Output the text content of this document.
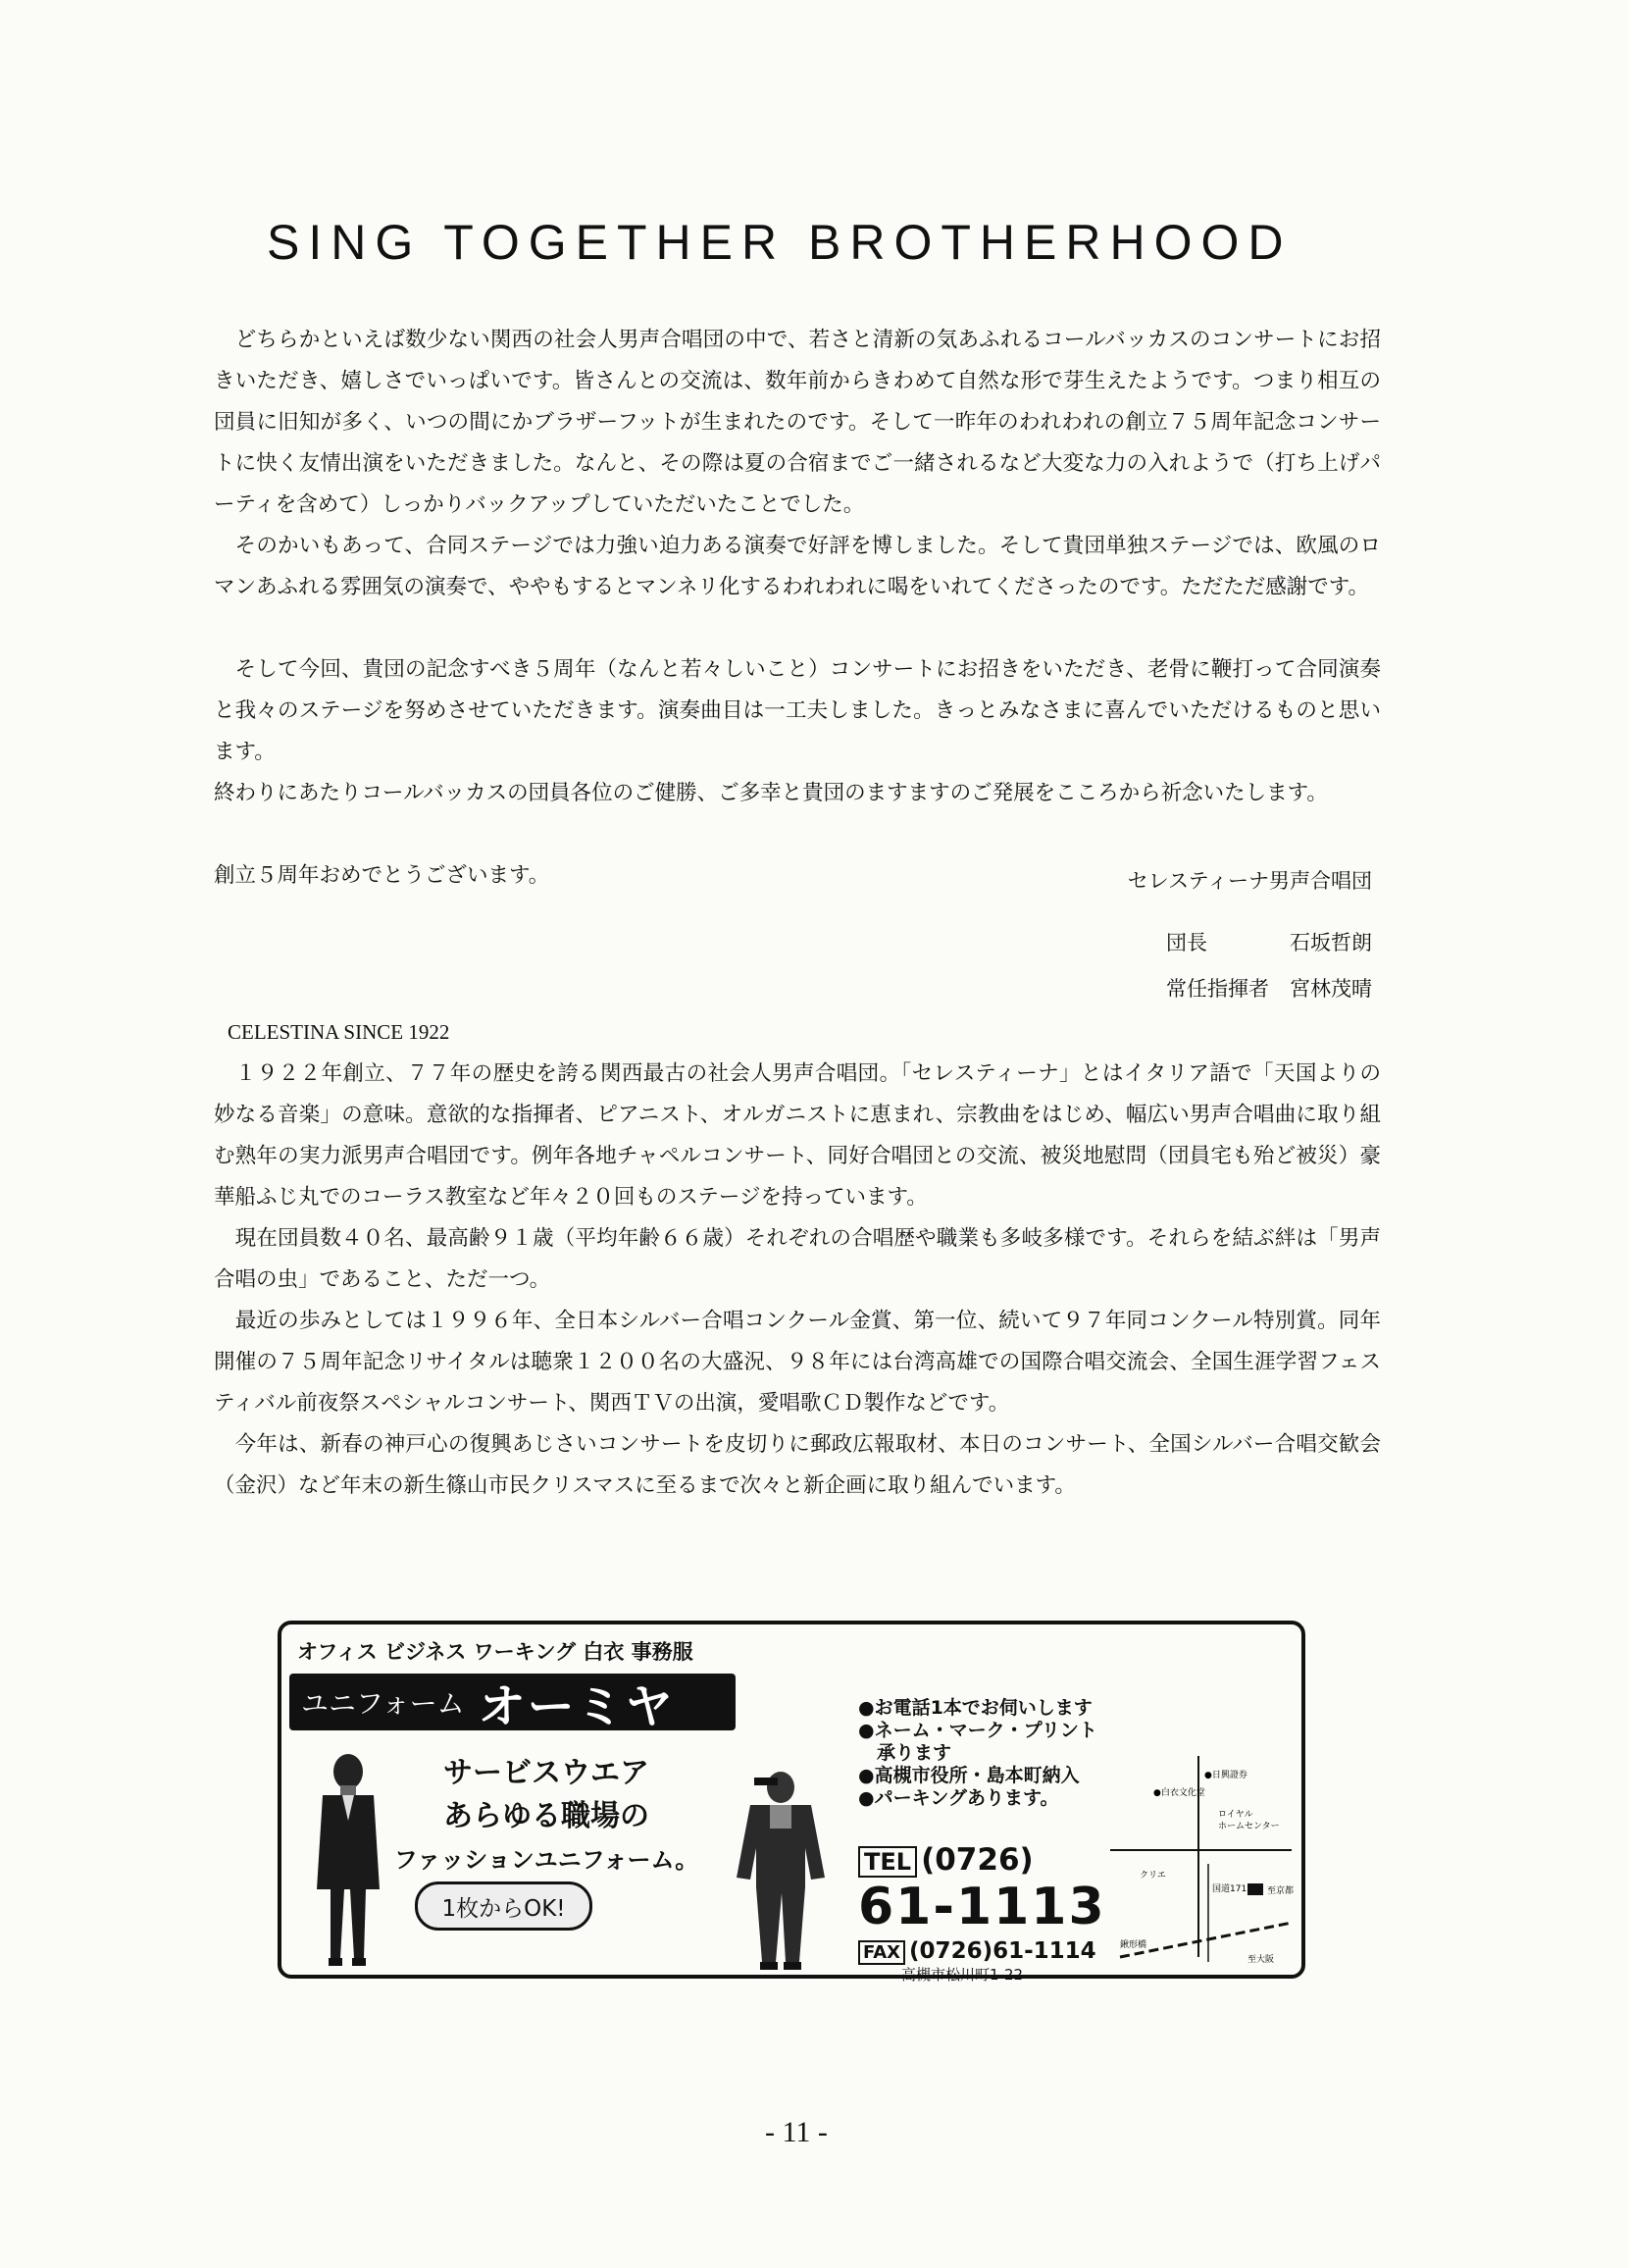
SING TOGETHER BROTHERHOOD

　どちらかといえば数少ない関西の社会人男声合唱団の中で、若さと清新の気あふれるコールバッカスのコンサートにお招きいただき、嬉しさでいっぱいです。皆さんとの交流は、数年前からきわめて自然な形で芽生えたようです。つまり相互の団員に旧知が多く、いつの間にかブラザーフットが生まれたのです。そして一昨年のわれわれの創立７５周年記念コンサートに快く友情出演をいただきました。なんと、その際は夏の合宿までご一緒されるなど大変な力の入れようで（打ち上げパーティを含めて）しっかりバックアップしていただいたことでした。

　そのかいもあって、合同ステージでは力強い迫力ある演奏で好評を博しました。そして貴団単独ステージでは、欧風のロマンあふれる雰囲気の演奏で、ややもするとマンネリ化するわれわれに喝をいれてくださったのです。ただただ感謝です。

　そして今回、貴団の記念すべき５周年（なんと若々しいこと）コンサートにお招きをいただき、老骨に鞭打って合同演奏と我々のステージを努めさせていただきます。演奏曲目は一工夫しました。きっとみなさまに喜んでいただけるものと思います。

終わりにあたりコールバッカスの団員各位のご健勝、ご多幸と貴団のますますのご発展をこころから祈念いたします。

創立５周年おめでとうございます。	セレスティーナ男声合唱団
団長　　　　石坂哲朗
常任指揮者　宮林茂晴
CELESTINA SINCE 1922

　１９２２年創立、７７年の歴史を誇る関西最古の社会人男声合唱団。「セレスティーナ」とはイタリア語で「天国よりの妙なる音楽」の意味。意欲的な指揮者、ピアニスト、オルガニストに恵まれ、宗教曲をはじめ、幅広い男声合唱曲に取り組む熟年の実力派男声合唱団です。例年各地チャペルコンサート、同好合唱団との交流、被災地慰問（団員宅も殆ど被災）豪華船ふじ丸でのコーラス教室など年々２０回ものステージを持っています。

　現在団員数４０名、最高齢９１歳（平均年齢６６歳）それぞれの合唱歴や職業も多岐多様です。それらを結ぶ絆は「男声合唱の虫」であること、ただ一つ。

　最近の歩みとしては１９９６年、全日本シルバー合唱コンクール金賞、第一位、続いて９７年同コンクール特別賞。同年開催の７５周年記念リサイタルは聴衆１２００名の大盛況、９８年には台湾高雄での国際合唱交流会、全国生涯学習フェスティバル前夜祭スペシャルコンサート、関西ＴＶの出演，愛唱歌ＣＤ製作などです。

　今年は、新春の神戸心の復興あじさいコンサートを皮切りに郵政広報取材、本日のコンサート、全国シルバー合唱交歓会（金沢）など年末の新生篠山市民クリスマスに至るまで次々と新企画に取り組んでいます。

オフィス ビジネス ワーキング 白衣 事務服
ユニフォーム オーミヤ
サービスウエア
あらゆる職場の
ファッションユニフォーム。
1枚からOK!
●お電話1本でお伺いします
●ネーム・マーク・プリント
　承ります
●高槻市役所・島本町納入
●パーキングあります。
TEL (0726)
61-1113
FAX (0726)61-1114
高槻市松川町1-22
●日興證券
●白衣文化堂
ロイヤル
ホームセンター
クリエ
国道171 至京都
鍬形橋
至大阪
- 11 -
